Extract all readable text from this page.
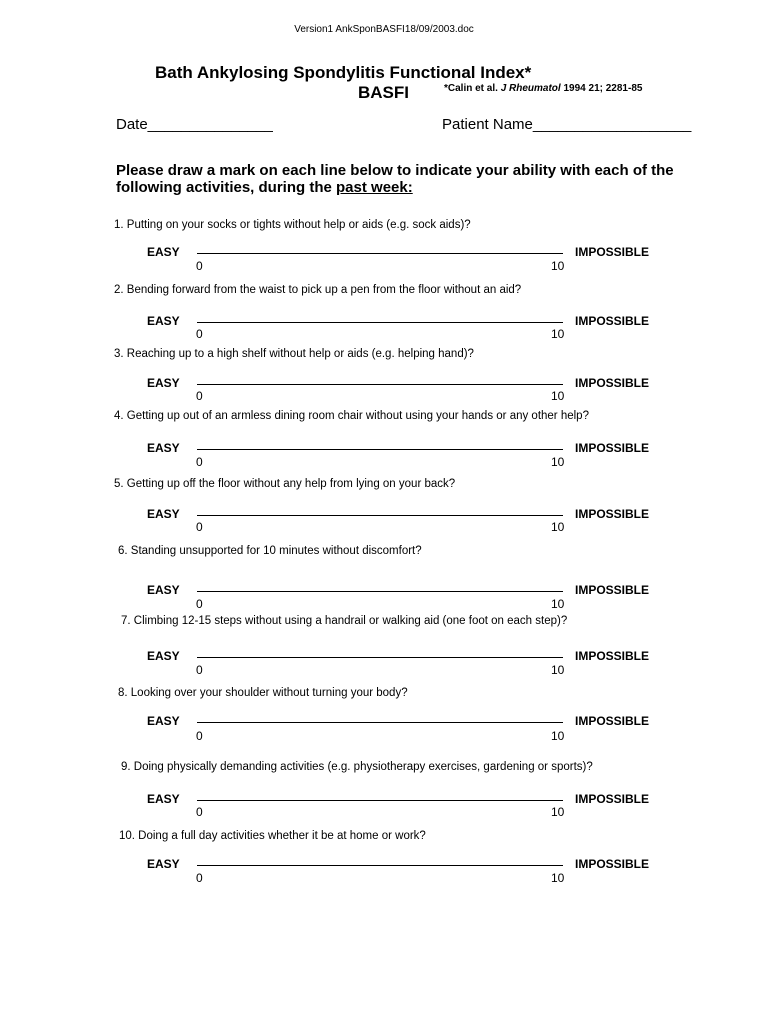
Version1 AnkSponBASFI18/09/2003.doc
Bath Ankylosing Spondylitis Functional Index*
BASFI	*Calin et al. J Rheumatol 1994 21; 2281-85
Date_______________	Patient Name___________________
Please draw a mark on each line below to indicate your ability with each of the following activities, during the past week:
1. Putting on your socks or tights without help or aids (e.g. sock aids)?
EASY	IMPOSSIBLE
0	10
2. Bending forward from the waist to pick up a pen from the floor without an aid?
EASY	IMPOSSIBLE
0	10
3. Reaching up to a high shelf without help or aids (e.g. helping hand)?
EASY	IMPOSSIBLE
0	10
4. Getting up out of an armless dining room chair without using your hands or any other help?
EASY	IMPOSSIBLE
0	10
5. Getting up off the floor without any help from lying on your back?
EASY	IMPOSSIBLE
0	10
6. Standing unsupported for 10 minutes without discomfort?
EASY	IMPOSSIBLE
0	10
7. Climbing 12-15 steps without using a handrail or walking aid (one foot on each step)?
EASY	IMPOSSIBLE
0	10
8. Looking over your shoulder without turning your body?
EASY	IMPOSSIBLE
0	10
9. Doing physically demanding activities (e.g. physiotherapy exercises, gardening or sports)?
EASY	IMPOSSIBLE
0	10
10. Doing a full day activities whether it be at home or work?
EASY	IMPOSSIBLE
0	10
